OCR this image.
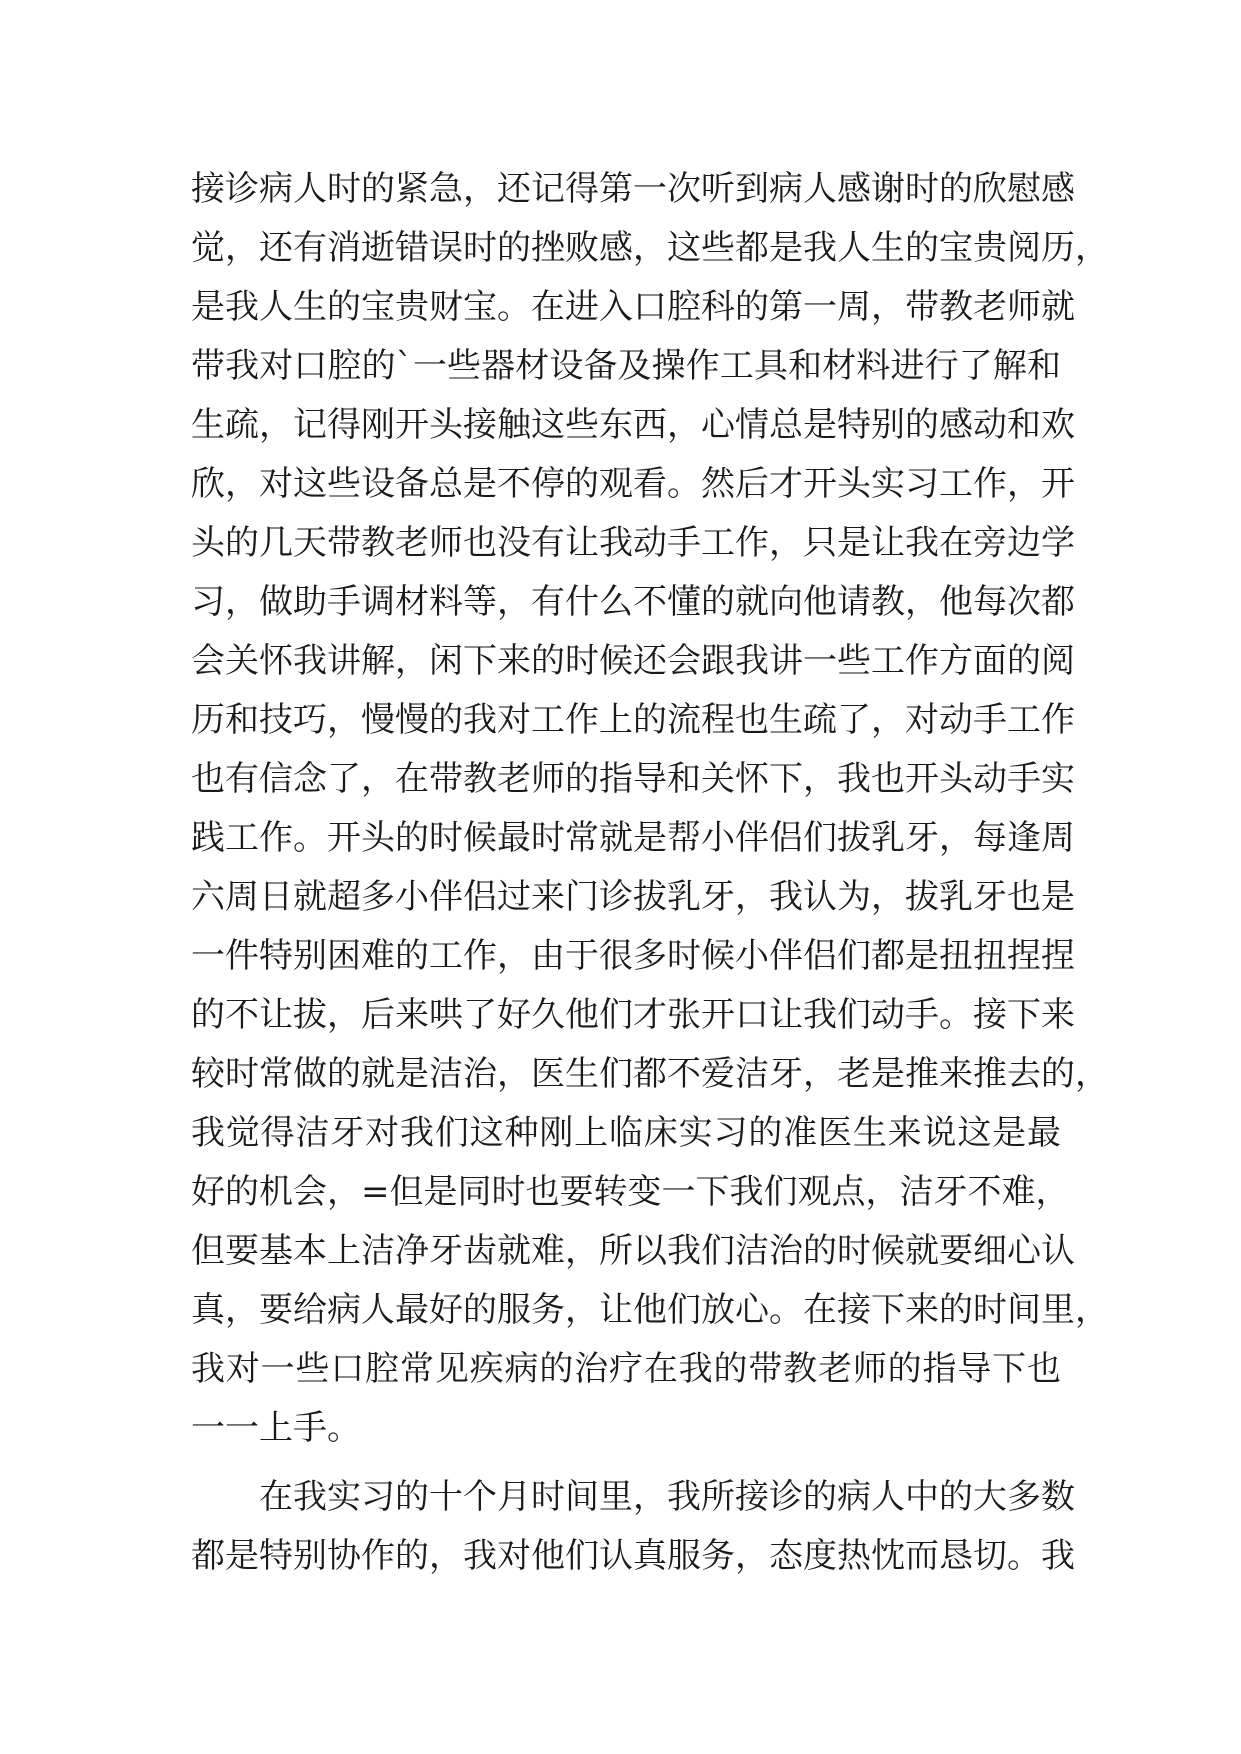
接诊病人时的紧急，还记得第一次听到病人感谢时的欣慰感
觉，还有消逝错误时的挫败感，这些都是我人生的宝贵阅历，
是我人生的宝贵财宝。在进入口腔科的第一周，带教老师就
带我对口腔的`一些器材设备及操作工具和材料进行了解和
生疏，记得刚开头接触这些东西，心情总是特别的感动和欢
欣，对这些设备总是不停的观看。然后才开头实习工作，开
头的几天带教老师也没有让我动手工作，只是让我在旁边学
习，做助手调材料等，有什么不懂的就向他请教，他每次都
会关怀我讲解，闲下来的时候还会跟我讲一些工作方面的阅
历和技巧，慢慢的我对工作上的流程也生疏了，对动手工作
也有信念了，在带教老师的指导和关怀下，我也开头动手实
践工作。开头的时候最时常就是帮小伴侣们拔乳牙，每逢周
六周日就超多小伴侣过来门诊拔乳牙，我认为，拔乳牙也是
一件特别困难的工作，由于很多时候小伴侣们都是扭扭捏捏
的不让拔，后来哄了好久他们才张开口让我们动手。接下来
较时常做的就是洁治，医生们都不爱洁牙，老是推来推去的，
我觉得洁牙对我们这种刚上临床实习的准医生来说这是最
好的机会，=但是同时也要转变一下我们观点，洁牙不难，
但要基本上洁净牙齿就难，所以我们洁治的时候就要细心认
真，要给病人最好的服务，让他们放心。在接下来的时间里，
我对一些口腔常见疾病的治疗在我的带教老师的指导下也
一一上手。
在我实习的十个月时间里，我所接诊的病人中的大多数
都是特别协作的，我对他们认真服务，态度热忱而恳切。我
